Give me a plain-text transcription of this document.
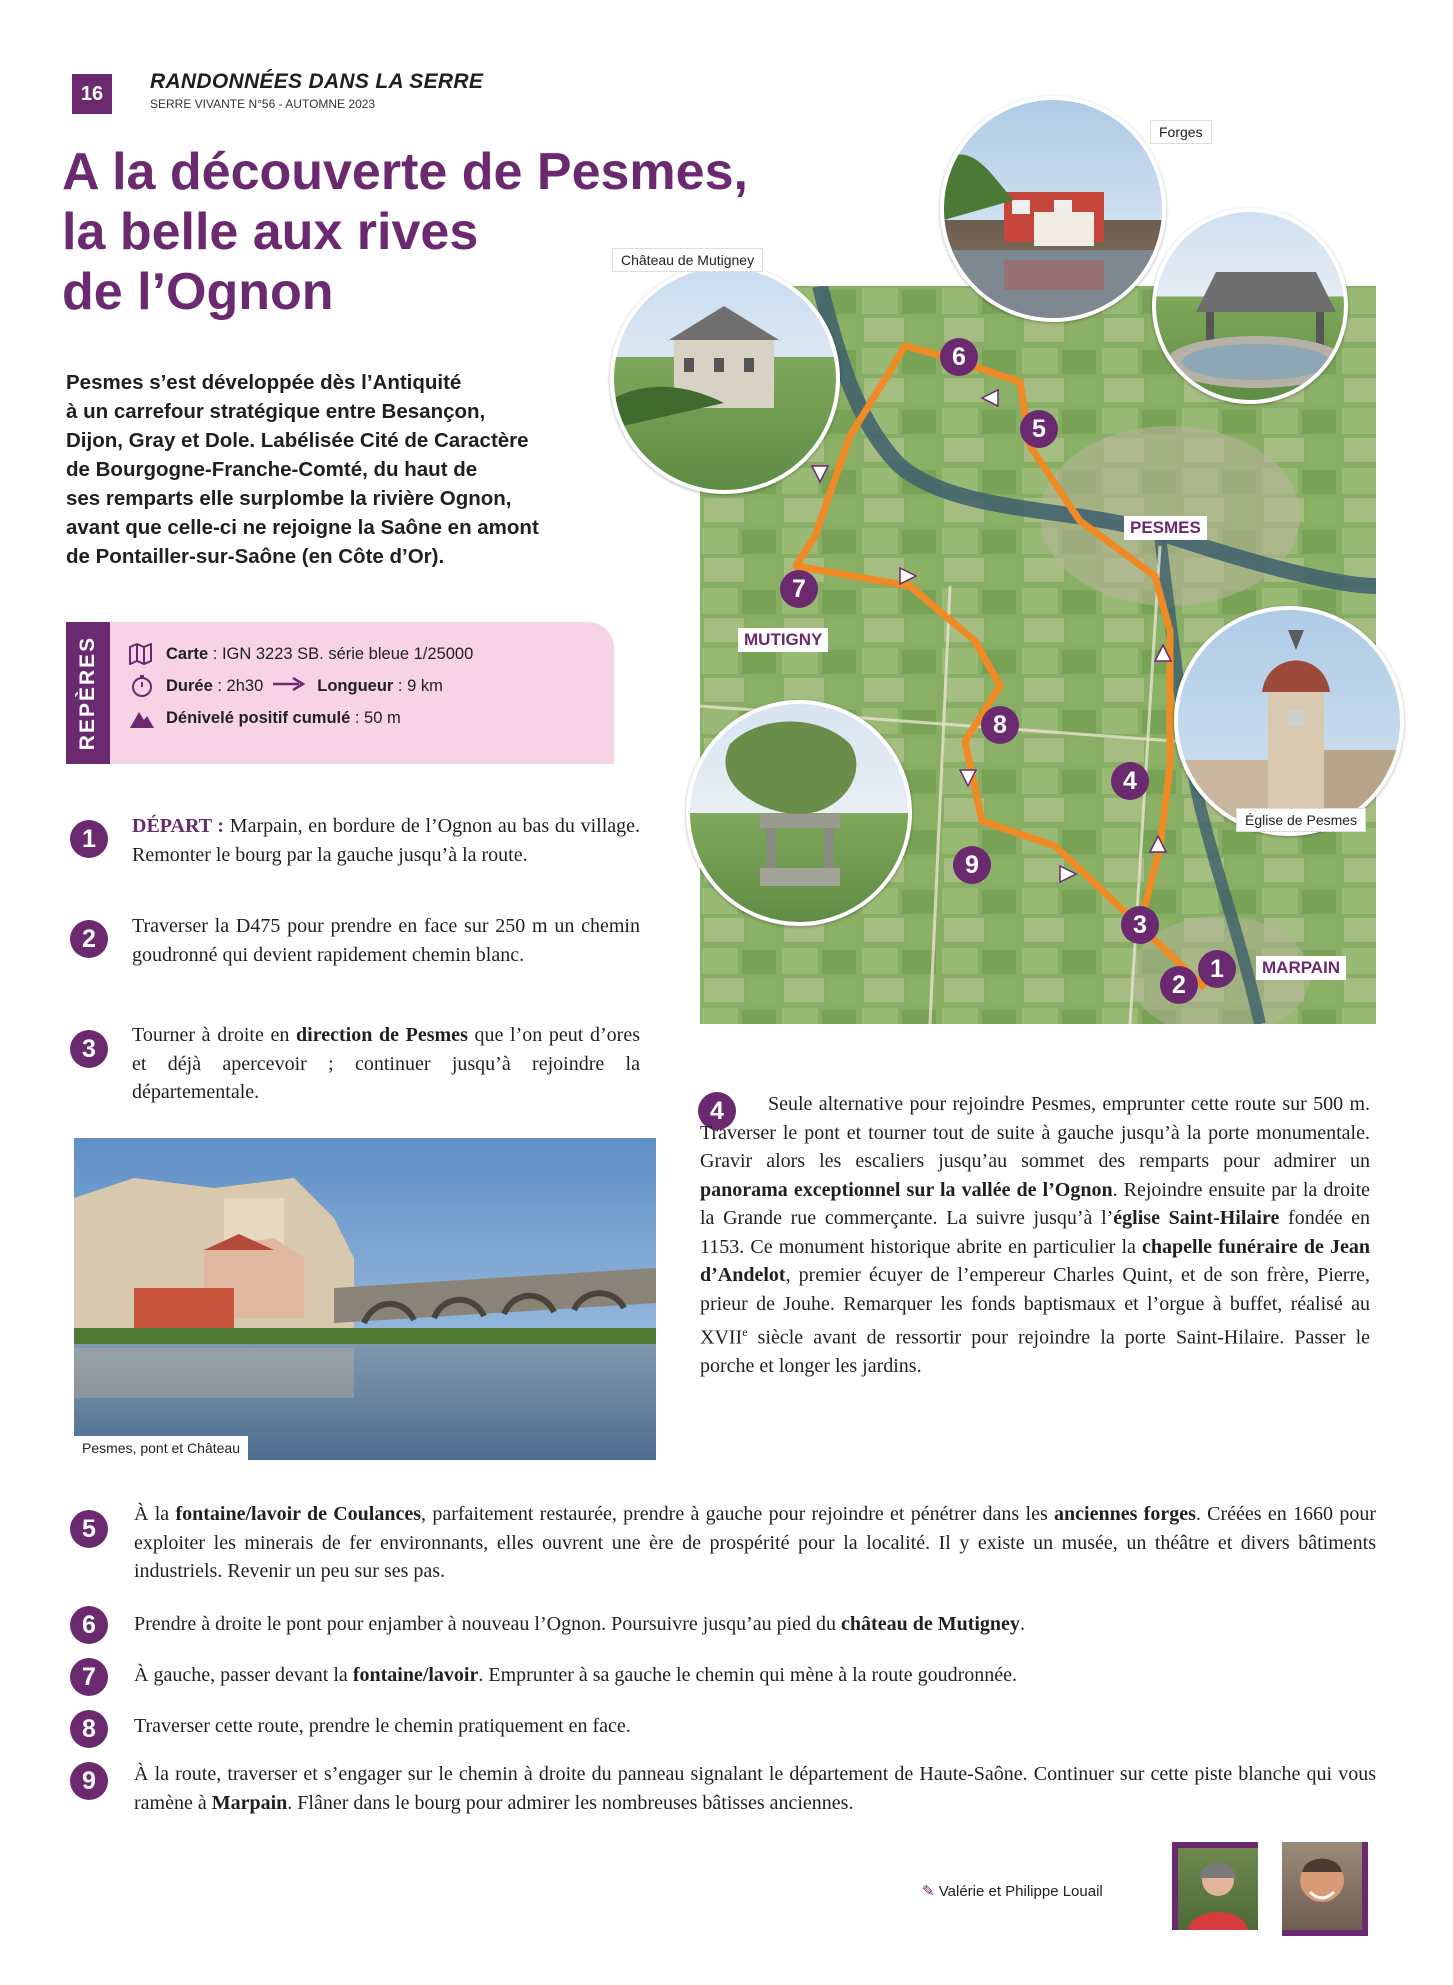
16
RANDONNÉES DANS LA SERRE
SERRE VIVANTE N°56 - AUTOMNE 2023
A la découverte de Pesmes,
la belle aux rives
de l’Ognon
Pesmes s’est développée dès l’Antiquité
à un carrefour stratégique entre Besançon,
Dijon, Gray et Dole. Labélisée Cité de Caractère
de Bourgogne-Franche-Comté, du haut de
ses remparts elle surplombe la rivière Ognon,
avant que celle-ci ne rejoigne la Saône en amont
de Pontailler-sur-Saône (en Côte d’Or).
REPÈRES	Carte : IGN 3223 SB. série bleue 1/25000
Durée : 2h30	Longueur : 9 km
Dénivelé positif cumulé : 50 m
1	DÉPART : Marpain, en bordure de l’Ognon au bas du village. Remonter le bourg par la gauche jusqu’à la route.
2	Traverser la D475 pour prendre en face sur 250 m un chemin goudronné qui devient rapidement chemin blanc.
3	Tourner à droite en direction de Pesmes que l’on peut d’ores et déjà apercevoir ; continuer jusqu’à rejoindre la départementale.
1
2
3
4
5
6
7
8
9
PESMES
MUTIGNY
MARPAIN
Château de Mutigney
Forges
Église de Pesmes
4	Seule alternative pour rejoindre Pesmes, emprunter cette route sur 500 m. Traverser le pont et tourner tout de suite à gauche jusqu’à la porte monumentale. Gravir alors les escaliers jusqu’au sommet des remparts pour admirer un panorama exceptionnel sur la vallée de l’Ognon. Rejoindre ensuite par la droite la Grande rue commerçante. La suivre jusqu’à l’église Saint-Hilaire fondée en 1153. Ce monument historique abrite en particulier la chapelle funéraire de Jean d’Andelot, premier écuyer de l’empereur Charles Quint, et de son frère, Pierre, prieur de Jouhe. Remarquer les fonds baptismaux et l’orgue à buffet, réalisé au XVIIe siècle avant de ressortir pour rejoindre la porte Saint-Hilaire. Passer le porche et longer les jardins.
Pesmes, pont et Château
5
À la fontaine/lavoir de Coulances, parfaitement restaurée, prendre à gauche pour rejoindre et pénétrer dans les anciennes forges. Créées en 1660 pour exploiter les minerais de fer environnants, elles ouvrent une ère de prospérité pour la localité. Il y existe un musée, un théâtre et divers bâtiments industriels. Revenir un peu sur ses pas.
6	Prendre à droite le pont pour enjamber à nouveau l’Ognon. Poursuivre jusqu’au pied du château de Mutigney.
7	À gauche, passer devant la fontaine/lavoir. Emprunter à sa gauche le chemin qui mène à la route goudronnée.
8	Traverser cette route, prendre le chemin pratiquement en face.
9	À la route, traverser et s’engager sur le chemin à droite du panneau signalant le département de Haute-Saône. Continuer sur cette piste blanche qui vous ramène à Marpain. Flâner dans le bourg pour admirer les nombreuses bâtisses anciennes.
✎ Valérie et Philippe Louail
